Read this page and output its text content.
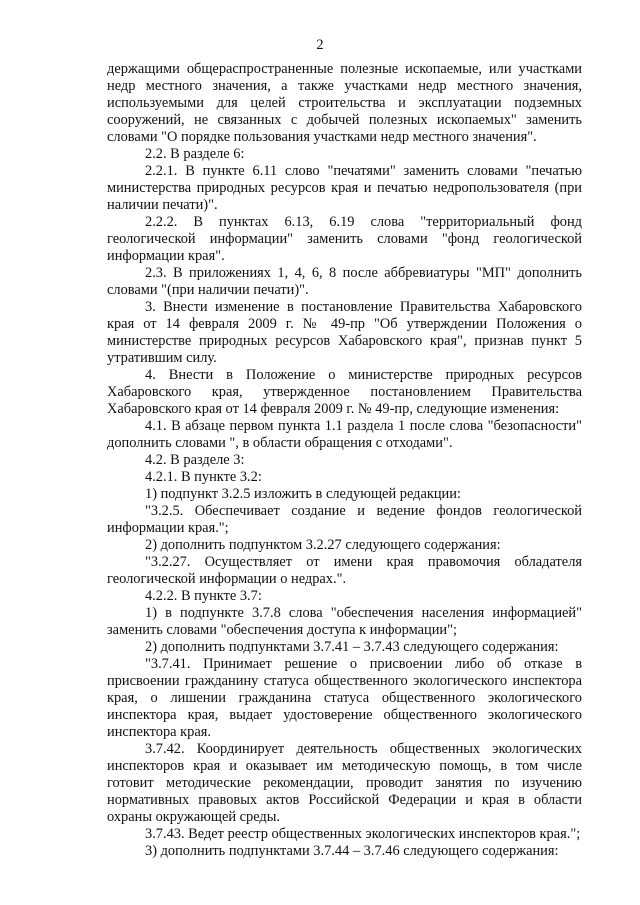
2

держащими общераспространенные полезные ископаемые, или участками недр местного значения, а также участками недр местного значения, используемыми для целей строительства и эксплуатации подземных сооружений, не связанных с добычей полезных ископаемых" заменить словами "О порядке пользования участками недр местного значения".

2.2. В разделе 6:

2.2.1. В пункте 6.11 слово "печатями" заменить словами "печатью министерства природных ресурсов края и печатью недропользователя (при наличии печати)".

2.2.2. В пунктах 6.13, 6.19 слова "территориальный фонд геологической информации" заменить словами "фонд геологической информации края".

2.3. В приложениях 1, 4, 6, 8 после аббревиатуры "МП" дополнить словами "(при наличии печати)".

3. Внести изменение в постановление Правительства Хабаровского края от 14 февраля 2009 г. № 49-пр "Об утверждении Положения о министерстве природных ресурсов Хабаровского края", признав пункт 5 утратившим силу.

4. Внести в Положение о министерстве природных ресурсов Хабаровского края, утвержденное постановлением Правительства Хабаровского края от 14 февраля 2009 г. № 49-пр, следующие изменения:

4.1. В абзаце первом пункта 1.1 раздела 1 после слова "безопасности" дополнить словами ", в области обращения с отходами".

4.2. В разделе 3:

4.2.1. В пункте 3.2:

1) подпункт 3.2.5 изложить в следующей редакции:

"3.2.5. Обеспечивает создание и ведение фондов геологической информации края.";

2) дополнить подпунктом 3.2.27 следующего содержания:

"3.2.27. Осуществляет от имени края правомочия обладателя геологической информации о недрах.".

4.2.2. В пункте 3.7:

1) в подпункте 3.7.8 слова "обеспечения населения информацией" заменить словами "обеспечения доступа к информации";

2) дополнить подпунктами 3.7.41 – 3.7.43 следующего содержания:

"3.7.41. Принимает решение о присвоении либо об отказе в присвоении гражданину статуса общественного экологического инспектора края, о лишении гражданина статуса общественного экологического инспектора края, выдает удостоверение общественного экологического инспектора края.

3.7.42. Координирует деятельность общественных экологических инспекторов края и оказывает им методическую помощь, в том числе готовит методические рекомендации, проводит занятия по изучению нормативных правовых актов Российской Федерации и края в области охраны окружающей среды.

3.7.43. Ведет реестр общественных экологических инспекторов края.";

3) дополнить подпунктами 3.7.44 – 3.7.46 следующего содержания:
